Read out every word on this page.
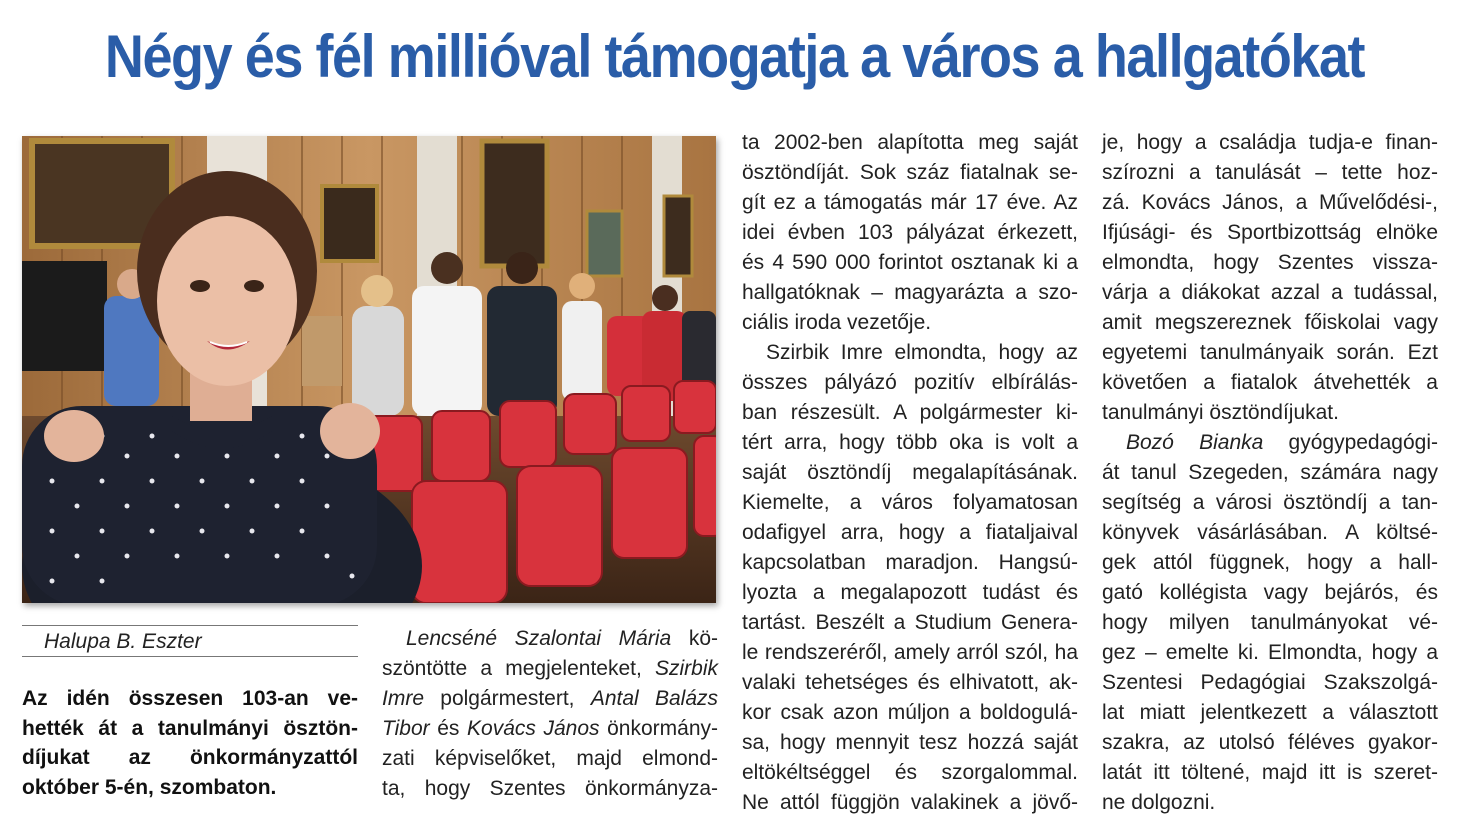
Négy és fél millióval támogatja a város a hallgatókat
Halupa B. Eszter
Az idén összesen 103-an ve-
hették át a tanulmányi ösztön-
díjukat az önkormányzattól
október 5-én, szombaton.
Lencséné Szalontai Mária kö-
szöntötte a megjelenteket, Szirbik
Imre polgármestert, Antal Balázs
Tibor és Kovács János önkormány-
zati képviselőket, majd elmond-
ta, hogy Szentes önkormányza-
ta 2002-ben alapította meg saját
ösztöndíját. Sok száz fiatalnak se-
gít ez a támogatás már 17 éve. Az
idei évben 103 pályázat érkezett,
és 4 590 000 forintot osztanak ki a
hallgatóknak – magyarázta a szo-
ciális iroda vezetője.
Szirbik Imre elmondta, hogy az
összes pályázó pozitív elbírálás-
ban részesült. A polgármester ki-
tért arra, hogy több oka is volt a
saját ösztöndíj megalapításának.
Kiemelte, a város folyamatosan
odafigyel arra, hogy a fiataljaival
kapcsolatban maradjon. Hangsú-
lyozta a megalapozott tudást és
tartást. Beszélt a Studium Genera-
le rendszeréről, amely arról szól, ha
valaki tehetséges és elhivatott, ak-
kor csak azon múljon a boldogulá-
sa, hogy mennyit tesz hozzá saját
eltökéltséggel és szorgalommal.
Ne attól függjön valakinek a jövő-
je, hogy a családja tudja-e finan-
szírozni a tanulását – tette hoz-
zá. Kovács János, a Művelődési-,
Ifjúsági- és Sportbizottság elnöke
elmondta, hogy Szentes vissza-
várja a diákokat azzal a tudással,
amit megszereznek főiskolai vagy
egyetemi tanulmányaik során. Ezt
követően a fiatalok átvehették a
tanulmányi ösztöndíjukat.
Bozó Bianka gyógypedagógi-
át tanul Szegeden, számára nagy
segítség a városi ösztöndíj a tan-
könyvek vásárlásában. A költsé-
gek attól függnek, hogy a hall-
gató kollégista vagy bejárós, és
hogy milyen tanulmányokat vé-
gez – emelte ki. Elmondta, hogy a
Szentesi Pedagógiai Szakszolgá-
lat miatt jelentkezett a választott
szakra, az utolsó féléves gyakor-
latát itt töltené, majd itt is szeret-
ne dolgozni.
